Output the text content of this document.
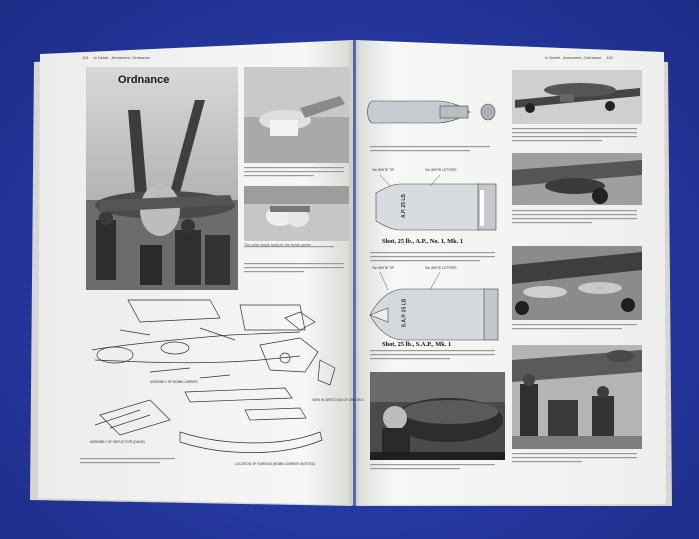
114 In Detail - Armament, Ordnance
Ordnance
The outer single hook for the bomb carrier
ASSEMBLY OF BOMB CARRIER
ASSEMBLY OF DEFLECTOR (DAVIS)
LOCATION OF FAIRINGS (BOMB CARRIER OMITTED)
VIEW IN DIRECTION OF ARROW A
In Detail - Armament, Ordnance 115
½in WHITE TIP	½in WHITE LETTERS
½in WHITE TIP	½in WHITE LETTERS
A.P. 25 LB
S.A.P. 25 LB
Shot, 25 lb., A.P., No. 1, Mk. 1
Shot, 25 lb., S.A.P., Mk. 1
